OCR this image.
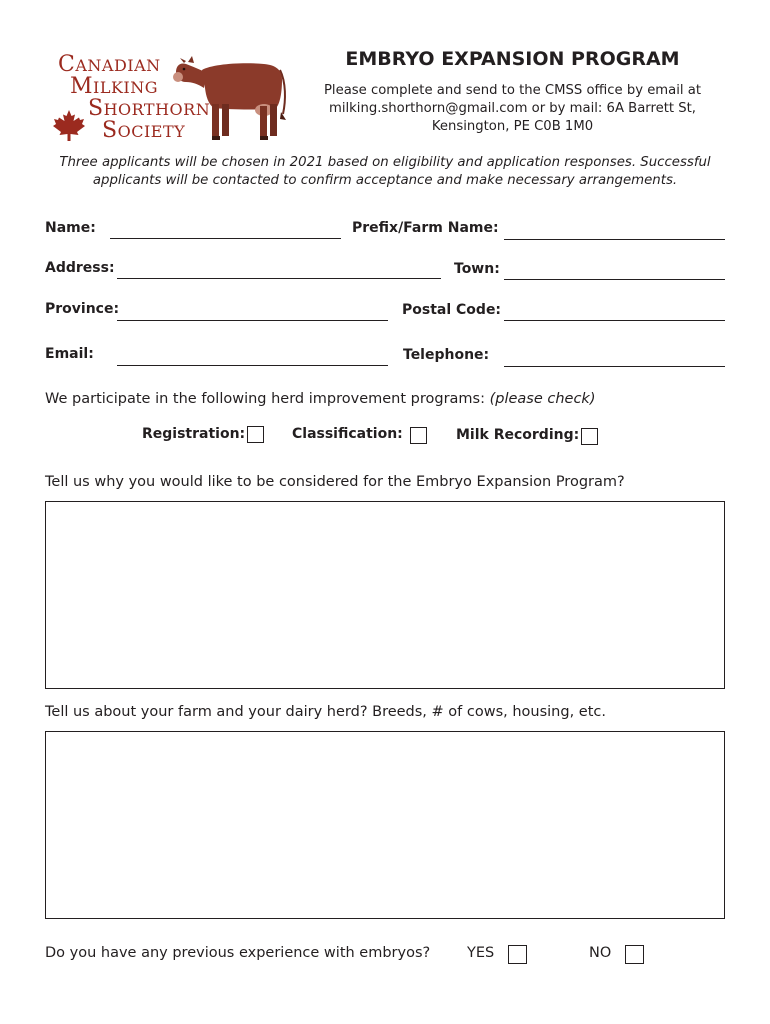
CANADIAN
MILKING
SHORTHORN
SOCIETY
EMBRYO EXPANSION PROGRAM
Please complete and send to the CMSS office by email at
milking.shorthorn@gmail.com or by mail: 6A Barrett St,
Kensington, PE C0B 1M0
Three applicants will be chosen in 2021 based on eligibility and application responses. Successful
applicants will be contacted to confirm acceptance and make necessary arrangements.
Name:	Prefix/Farm Name:
Address:	Town:
Province:	Postal Code:
Email:	Telephone:
We participate in the following herd improvement programs: (please check)
Registration:	Classification:	Milk Recording:
Tell us why you would like to be considered for the Embryo Expansion Program?
Tell us about your farm and your dairy herd? Breeds, # of cows, housing, etc.
Do you have any previous experience with embryos?	YES	NO
